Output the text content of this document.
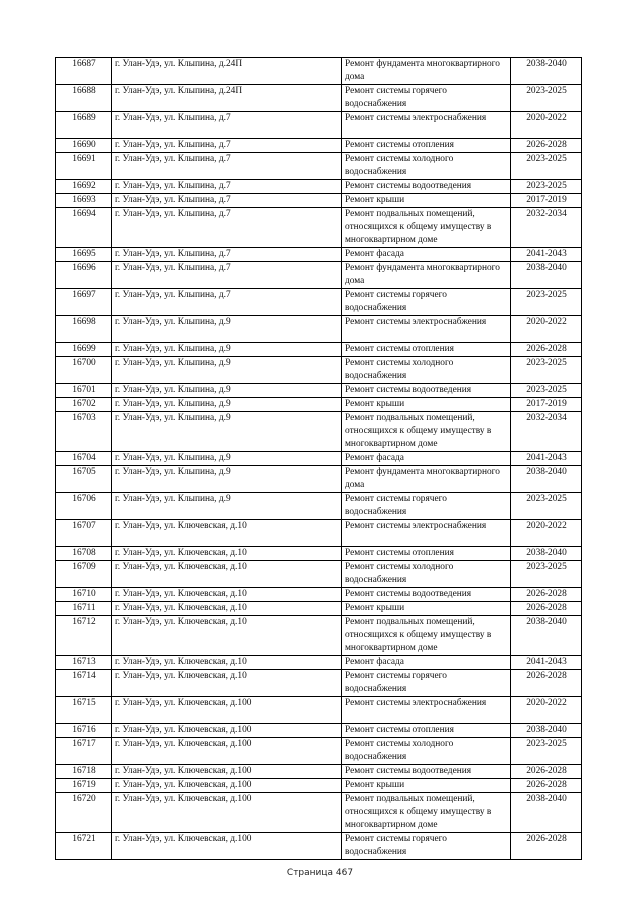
16687	г. Улан-Удэ, ул. Клыпина, д.24П	Ремонт фундамента многоквартирного
дома	2038-2040
16688	г. Улан-Удэ, ул. Клыпина, д.24П	Ремонт системы горячего
водоснабжения	2023-2025
16689	г. Улан-Удэ, ул. Клыпина, д.7	Ремонт системы электроснабжения	2020-2022
16690	г. Улан-Удэ, ул. Клыпина, д.7	Ремонт системы отопления	2026-2028
16691	г. Улан-Удэ, ул. Клыпина, д.7	Ремонт системы холодного
водоснабжения	2023-2025
16692	г. Улан-Удэ, ул. Клыпина, д.7	Ремонт системы водоотведения	2023-2025
16693	г. Улан-Удэ, ул. Клыпина, д.7	Ремонт крыши	2017-2019
16694	г. Улан-Удэ, ул. Клыпина, д.7	Ремонт подвальных помещений,
относящихся к общему имуществу в
многоквартирном доме	2032-2034
16695	г. Улан-Удэ, ул. Клыпина, д.7	Ремонт фасада	2041-2043
16696	г. Улан-Удэ, ул. Клыпина, д.7	Ремонт фундамента многоквартирного
дома	2038-2040
16697	г. Улан-Удэ, ул. Клыпина, д.7	Ремонт системы горячего
водоснабжения	2023-2025
16698	г. Улан-Удэ, ул. Клыпина, д.9	Ремонт системы электроснабжения	2020-2022
16699	г. Улан-Удэ, ул. Клыпина, д.9	Ремонт системы отопления	2026-2028
16700	г. Улан-Удэ, ул. Клыпина, д.9	Ремонт системы холодного
водоснабжения	2023-2025
16701	г. Улан-Удэ, ул. Клыпина, д.9	Ремонт системы водоотведения	2023-2025
16702	г. Улан-Удэ, ул. Клыпина, д.9	Ремонт крыши	2017-2019
16703	г. Улан-Удэ, ул. Клыпина, д.9	Ремонт подвальных помещений,
относящихся к общему имуществу в
многоквартирном доме	2032-2034
16704	г. Улан-Удэ, ул. Клыпина, д.9	Ремонт фасада	2041-2043
16705	г. Улан-Удэ, ул. Клыпина, д.9	Ремонт фундамента многоквартирного
дома	2038-2040
16706	г. Улан-Удэ, ул. Клыпина, д.9	Ремонт системы горячего
водоснабжения	2023-2025
16707	г. Улан-Удэ, ул. Ключевская, д.10	Ремонт системы электроснабжения	2020-2022
16708	г. Улан-Удэ, ул. Ключевская, д.10	Ремонт системы отопления	2038-2040
16709	г. Улан-Удэ, ул. Ключевская, д.10	Ремонт системы холодного
водоснабжения	2023-2025
16710	г. Улан-Удэ, ул. Ключевская, д.10	Ремонт системы водоотведения	2026-2028
16711	г. Улан-Удэ, ул. Ключевская, д.10	Ремонт крыши	2026-2028
16712	г. Улан-Удэ, ул. Ключевская, д.10	Ремонт подвальных помещений,
относящихся к общему имуществу в
многоквартирном доме	2038-2040
16713	г. Улан-Удэ, ул. Ключевская, д.10	Ремонт фасада	2041-2043
16714	г. Улан-Удэ, ул. Ключевская, д.10	Ремонт системы горячего
водоснабжения	2026-2028
16715	г. Улан-Удэ, ул. Ключевская, д.100	Ремонт системы электроснабжения	2020-2022
16716	г. Улан-Удэ, ул. Ключевская, д.100	Ремонт системы отопления	2038-2040
16717	г. Улан-Удэ, ул. Ключевская, д.100	Ремонт системы холодного
водоснабжения	2023-2025
16718	г. Улан-Удэ, ул. Ключевская, д.100	Ремонт системы водоотведения	2026-2028
16719	г. Улан-Удэ, ул. Ключевская, д.100	Ремонт крыши	2026-2028
16720	г. Улан-Удэ, ул. Ключевская, д.100	Ремонт подвальных помещений,
относящихся к общему имуществу в
многоквартирном доме	2038-2040
16721	г. Улан-Удэ, ул. Ключевская, д.100	Ремонт системы горячего
водоснабжения	2026-2028
Страница 467
